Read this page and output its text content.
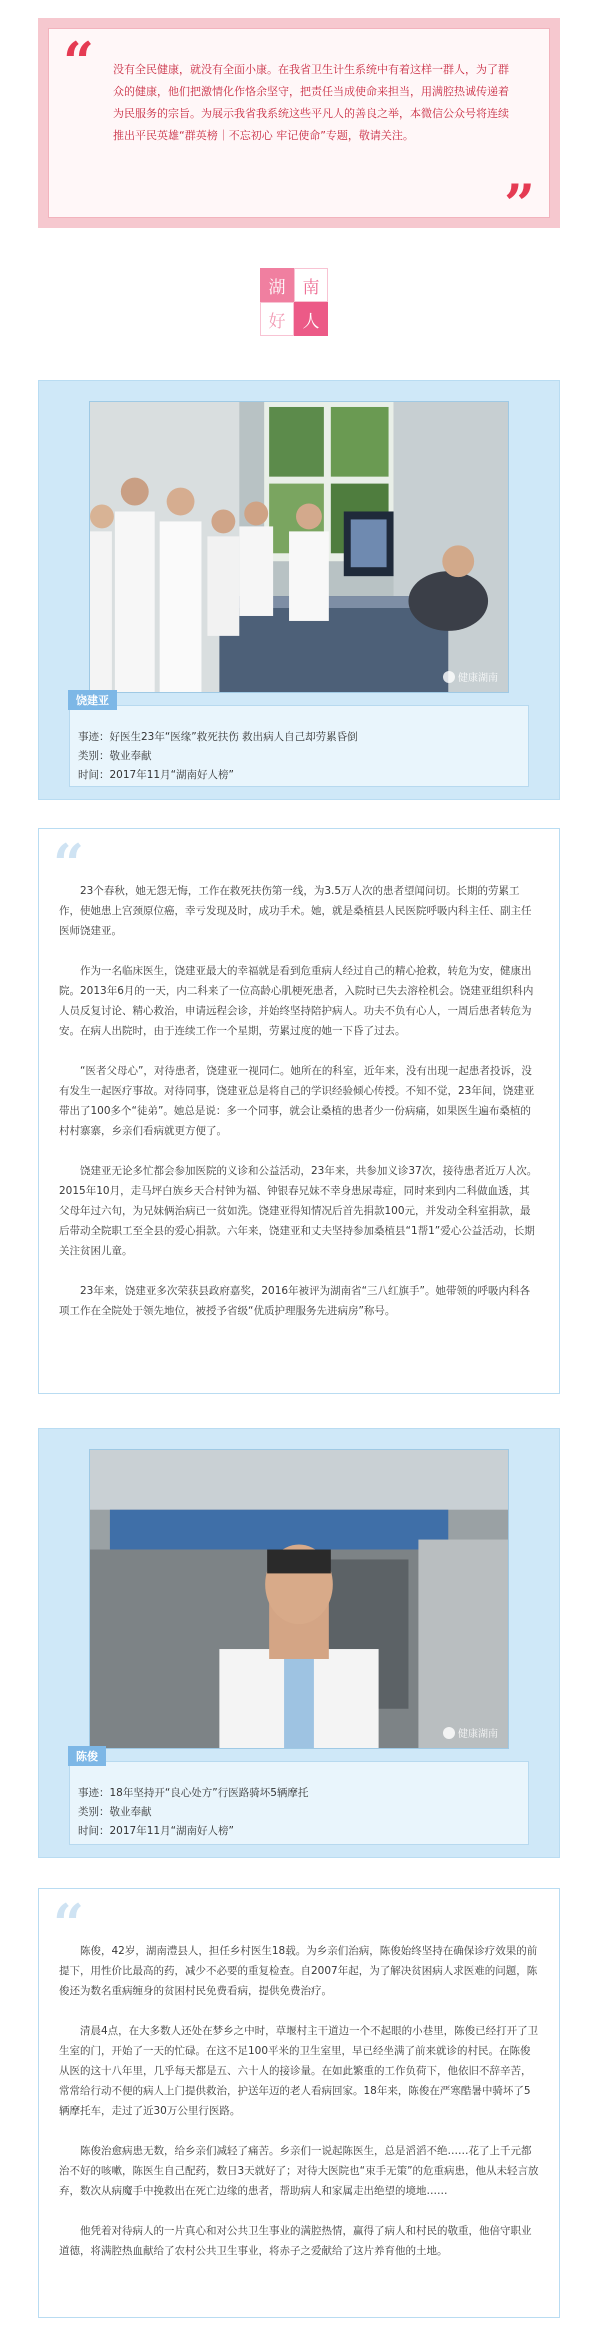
“ 没有全民健康，就没有全面小康。在我省卫生计生系统中有着这样一群人，为了群众的健康，他们把激情化作恪余坚守，把责任当成使命来担当，用满腔热诚传递着为民服务的宗旨。为展示我省我系统这些平凡人的善良之举，本微信公众号将连续推出平民英雄“群英榜｜不忘初心 牢记使命”专题，敬请关注。
”
湖	南
好	人
健康湖南
饶建亚
事迹：好医生23年“医缘”救死扶伤 救出病人自己却劳累昏倒
类别：敬业奉献
时间：2017年11月“湖南好人榜”
“

23个春秋，她无怨无悔，工作在救死扶伤第一线，为3.5万人次的患者望闻问切。长期的劳累工作，使她患上宫颈原位癌，幸亏发现及时，成功手术。她，就是桑植县人民医院呼吸内科主任、副主任医师饶建亚。

作为一名临床医生，饶建亚最大的幸福就是看到危重病人经过自己的精心抢救，转危为安，健康出院。2013年6月的一天，内二科来了一位高龄心肌梗死患者，入院时已失去溶栓机会。饶建亚组织科内人员反复讨论、精心救治，申请远程会诊，并始终坚持陪护病人。功夫不负有心人，一周后患者转危为安。在病人出院时，由于连续工作一个星期，劳累过度的她一下昏了过去。

“医者父母心”，对待患者，饶建亚一视同仁。她所在的科室，近年来，没有出现一起患者投诉，没有发生一起医疗事故。对待同事，饶建亚总是将自己的学识经验倾心传授。不知不觉，23年间，饶建亚带出了100多个“徒弟”。她总是说：多一个同事，就会让桑植的患者少一份病痛，如果医生遍布桑植的村村寨寨，乡亲们看病就更方便了。

饶建亚无论多忙都会参加医院的义诊和公益活动，23年来，共参加义诊37次，接待患者近万人次。2015年10月，走马坪白族乡天合村钟为福、钟银春兄妹不幸身患尿毒症，同时来到内二科做血透，其父母年过六旬，为兄妹俩治病已一贫如洗。饶建亚得知情况后首先捐款100元，并发动全科室捐款，最后带动全院职工至全县的爱心捐款。六年来，饶建亚和丈夫坚持参加桑植县“1帮1”爱心公益活动，长期关注贫困儿童。

23年来，饶建亚多次荣获县政府嘉奖，2016年被评为湖南省“三八红旗手”。她带领的呼吸内科各项工作在全院处于领先地位，被授予省级“优质护理服务先进病房”称号。

健康湖南
陈俊
事迹：18年坚持开“良心处方”行医路骑坏5辆摩托
类别：敬业奉献
时间：2017年11月“湖南好人榜”
“

陈俊，42岁，湖南澧县人，担任乡村医生18载。为乡亲们治病，陈俊始终坚持在确保诊疗效果的前提下，用性价比最高的药，减少不必要的重复检查。自2007年起，为了解决贫困病人求医难的问题，陈俊还为数名重病缠身的贫困村民免费看病，提供免费治疗。

清晨4点，在大多数人还处在梦乡之中时，草堰村主干道边一个不起眼的小巷里，陈俊已经打开了卫生室的门，开始了一天的忙碌。在这不足100平米的卫生室里，早已经坐满了前来就诊的村民。在陈俊从医的这十八年里，几乎每天都是五、六十人的接诊量。在如此繁重的工作负荷下，他依旧不辞辛苦，常常给行动不便的病人上门提供救治，护送年迈的老人看病回家。18年来，陈俊在严寒酷暑中骑坏了5辆摩托车，走过了近30万公里行医路。

陈俊治愈病患无数，给乡亲们减轻了痛苦。乡亲们一说起陈医生，总是滔滔不绝……花了上千元都治不好的咳嗽，陈医生自己配药，数日3天就好了；对待大医院也“束手无策”的危重病患，他从未轻言放弃，数次从病魔手中挽救出在死亡边缘的患者，帮助病人和家属走出绝望的境地……

他凭着对待病人的一片真心和对公共卫生事业的满腔热情，赢得了病人和村民的敬重，他倍守职业道德，将满腔热血献给了农村公共卫生事业，将赤子之爱献给了这片养育他的土地。
